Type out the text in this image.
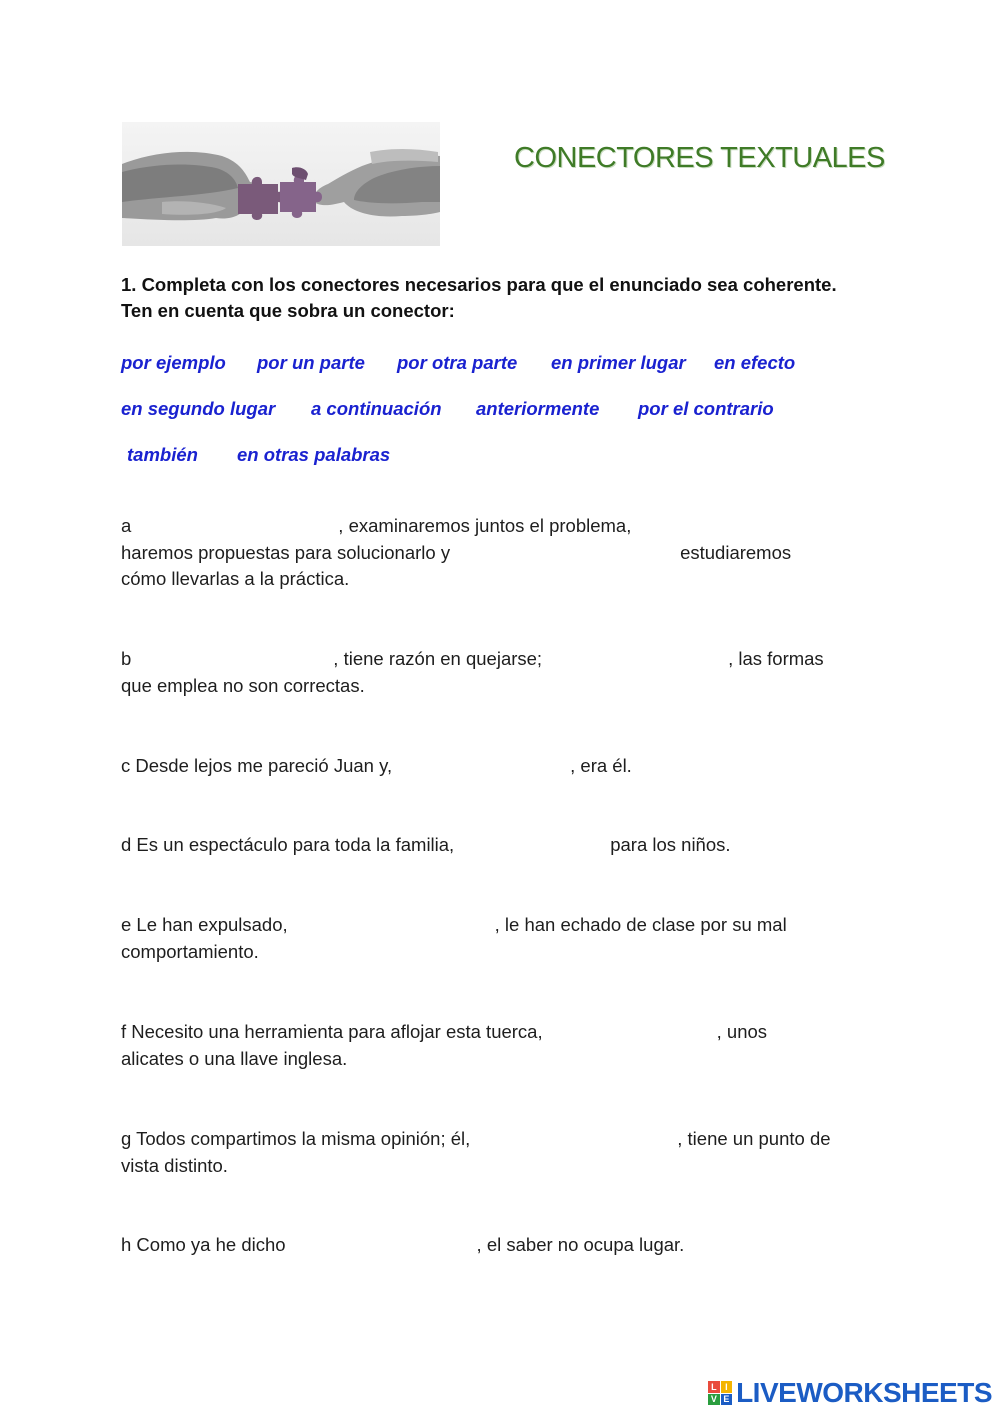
CONECTORES TEXTUALES
1. Completa con los conectores necesarios para que el enunciado sea coherente. Ten en cuenta que sobra un conector:
por ejemplo por un parte por otra parte en primer lugar en efecto
en segundo lugar a continuación anteriormente por el contrario
también en otras palabras
a	, examinaremos juntos el problema,
haremos propuestas para solucionarlo y	estudiaremos
cómo llevarlas a la práctica.
b	, tiene razón en quejarse;	, las formas
que emplea no son correctas.
c Desde lejos me pareció Juan y,	, era él.
d Es un espectáculo para toda la familia,	para los niños.
e Le han expulsado,	, le han echado de clase por su mal
comportamiento.
f Necesito una herramienta para aflojar esta tuerca,	, unos
alicates o una llave inglesa.
g Todos compartimos la misma opinión; él,	, tiene un punto de
vista distinto.
h Como ya he dicho	, el saber no ocupa lugar.
L I
V E LIVEWORKSHEETS
